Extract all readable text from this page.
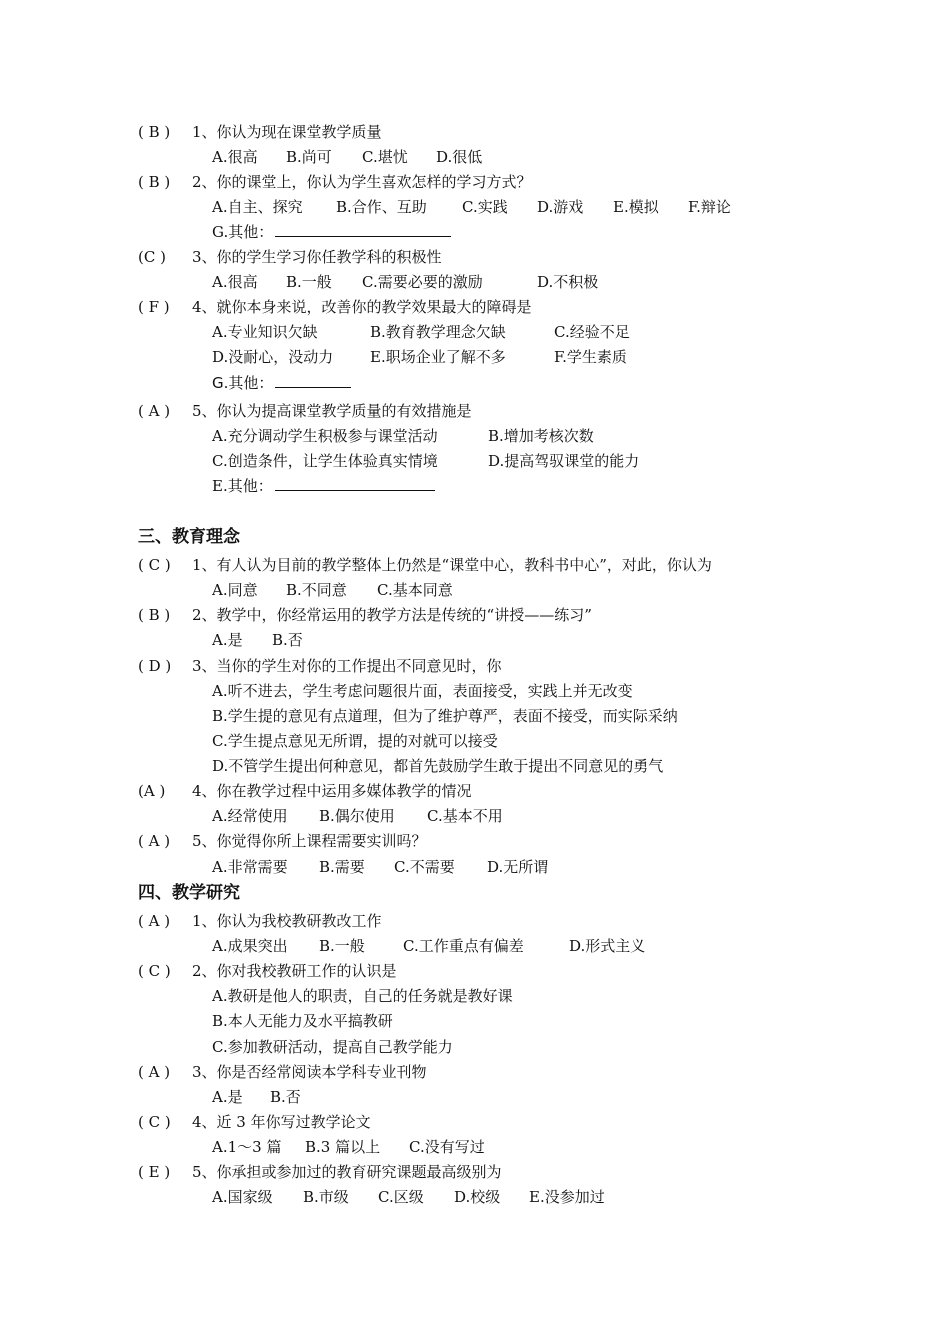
( B ) 1、你认为现在课堂教学质量
A.很高 B.尚可 C.堪忧 D.很低
( B ) 2、你的课堂上，你认为学生喜欢怎样的学习方式？
A.自主、探究 B.合作、互助 C.实践 D.游戏 E.模拟 F.辩论
G.其他：
(C ) 3、你的学生学习你任教学科的积极性
A.很高 B.一般 C.需要必要的激励	D.不积极
( F ) 4、就你本身来说，改善你的教学效果最大的障碍是
A.专业知识欠缺	B.教育教学理念欠缺	C.经验不足
D.没耐心，没动力 E.职场企业了解不多	F.学生素质
G.其他：
( A ) 5、你认为提高课堂教学质量的有效措施是
A.充分调动学生积极参与课堂活动	B.增加考核次数
C.创造条件，让学生体验真实情境	D.提高驾驭课堂的能力
E.其他：
三、教育理念
( C ) 1、有人认为目前的教学整体上仍然是“课堂中心，教科书中心”，对此，你认为
A.同意 B.不同意 C.基本同意
( B ) 2、教学中，你经常运用的教学方法是传统的“讲授——练习”
A.是 B.否
( D ) 3、当你的学生对你的工作提出不同意见时，你
A.听不进去，学生考虑问题很片面，表面接受，实践上并无改变
B.学生提的意见有点道理，但为了维护尊严，表面不接受，而实际采纳
C.学生提点意见无所谓，提的对就可以接受
D.不管学生提出何种意见，都首先鼓励学生敢于提出不同意见的勇气
(A ) 4、你在教学过程中运用多媒体教学的情况
A.经常使用 B.偶尔使用 C.基本不用
( A ) 5、你觉得你所上课程需要实训吗？
A.非常需要 B.需要 C.不需要 D.无所谓
四、教学研究
( A ) 1、你认为我校教研教改工作
A.成果突出 B.一般	C.工作重点有偏差	D.形式主义
( C ) 2、你对我校教研工作的认识是
A.教研是他人的职责，自己的任务就是教好课
B.本人无能力及水平搞教研
C.参加教研活动，提高自己教学能力
( A ) 3、你是否经常阅读本学科专业刊物
A.是 B.否
( C ) 4、近 3 年你写过教学论文
A.1～3 篇 B.3 篇以上 C.没有写过
( E ) 5、你承担或参加过的教育研究课题最高级别为
A.国家级 B.市级 C.区级 D.校级 E.没参加过
